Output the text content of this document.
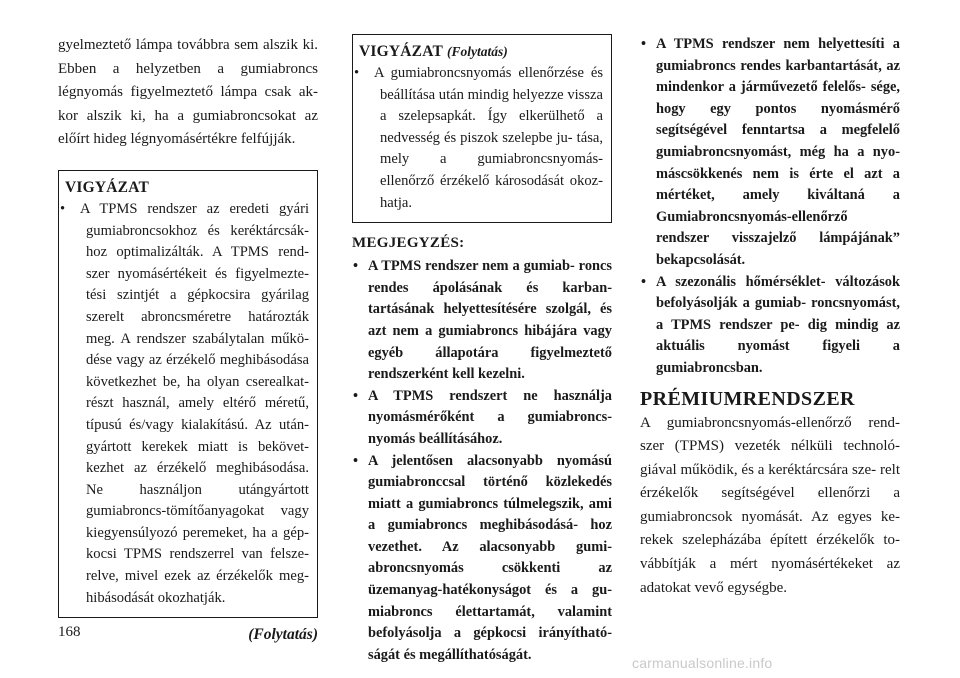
gyelmeztető lámpa továbbra sem alszik ki. Ebben a helyzetben a gumiabroncs légnyomás figyelmeztető lámpa csak ak- kor alszik ki, ha a gumiabroncsokat az előírt hideg légnyomásértékre felfújják.

VIGYÁZAT
• A TPMS rendszer az eredeti gyári gumiabroncsokhoz és keréktárcsák- hoz optimalizálták. A TPMS rend- szer nyomásértékeit és figyelmezte- tési szintjét a gépkocsira gyárilag szerelt abroncsméretre határozták meg. A rendszer szabálytalan műkö- dése vagy az érzékelő meghibásodása következhet be, ha olyan cserealkat- részt használ, amely eltérő méretű, típusú és/vagy kialakítású. Az után- gyártott kerekek miatt is bekövet- kezhet az érzékelő meghibásodása. Ne használjon utángyártott gumiabroncs-tömítőanyagokat vagy kiegyensúlyozó peremeket, ha a gép- kocsi TPMS rendszerrel van felsze- relve, mivel ezek az érzékelők meg- hibásodását okozhatják.
(Folytatás)
VIGYÁZAT (Folytatás)
• A gumiabroncsnyomás ellenőrzése és beállítása után mindig helyezze vissza a szelepsapkát. Így elkerülhető a nedvesség és piszok szelepbe ju- tása, mely a gumiabroncsnyomás- ellenőrző érzékelő károsodását okoz- hatja.
MEGJEGYZÉS:
• A TPMS rendszer nem a gumiab- roncs rendes ápolásának és karban- tartásának helyettesítésére szolgál, és azt nem a gumiabroncs hibájára vagy egyéb állapotára figyelmeztető rendszerként kell kezelni.
• A TPMS rendszert ne használja nyomásmérőként a gumiabroncs- nyomás beállításához.
• A jelentősen alacsonyabb nyomású gumiabronccsal történő közlekedés miatt a gumiabroncs túlmelegszik, ami a gumiabroncs meghibásodásá- hoz vezethet. Az alacsonyabb gumi- abroncsnyomás csökkenti az üzemanyag-hatékonyságot és a gu- miabroncs élettartamát, valamint befolyásolja a gépkocsi irányítható- ságát és megállíthatóságát.
• A TPMS rendszer nem helyettesíti a gumiabroncs rendes karbantartását, az mindenkor a járművezető felelős- sége, hogy egy pontos nyomásmérő segítségével fenntartsa a megfelelő gumiabroncsnyomást, még ha a nyo- máscsökkenés nem is érte el azt a mértéket, amely kiváltaná a Gumiabroncsnyomás-ellenőrző rendszer visszajelző lámpájának” bekapcsolását.
• A szezonális hőmérséklet- változások befolyásolják a gumiab- roncsnyomást, a TPMS rendszer pe- dig mindig az aktuális nyomást figyeli a gumiabroncsban.
PRÉMIUMRENDSZER

A gumiabroncsnyomás-ellenőrző rend- szer (TPMS) vezeték nélküli technoló- giával működik, és a keréktárcsára sze- relt érzékelők segítségével ellenőrzi a gumiabroncsok nyomását. Az egyes ke- rekek szelepházába épített érzékelők to- vábbítják a mért nyomásértékeket az adatokat vevő egységbe.

168
carmanualsonline.info
